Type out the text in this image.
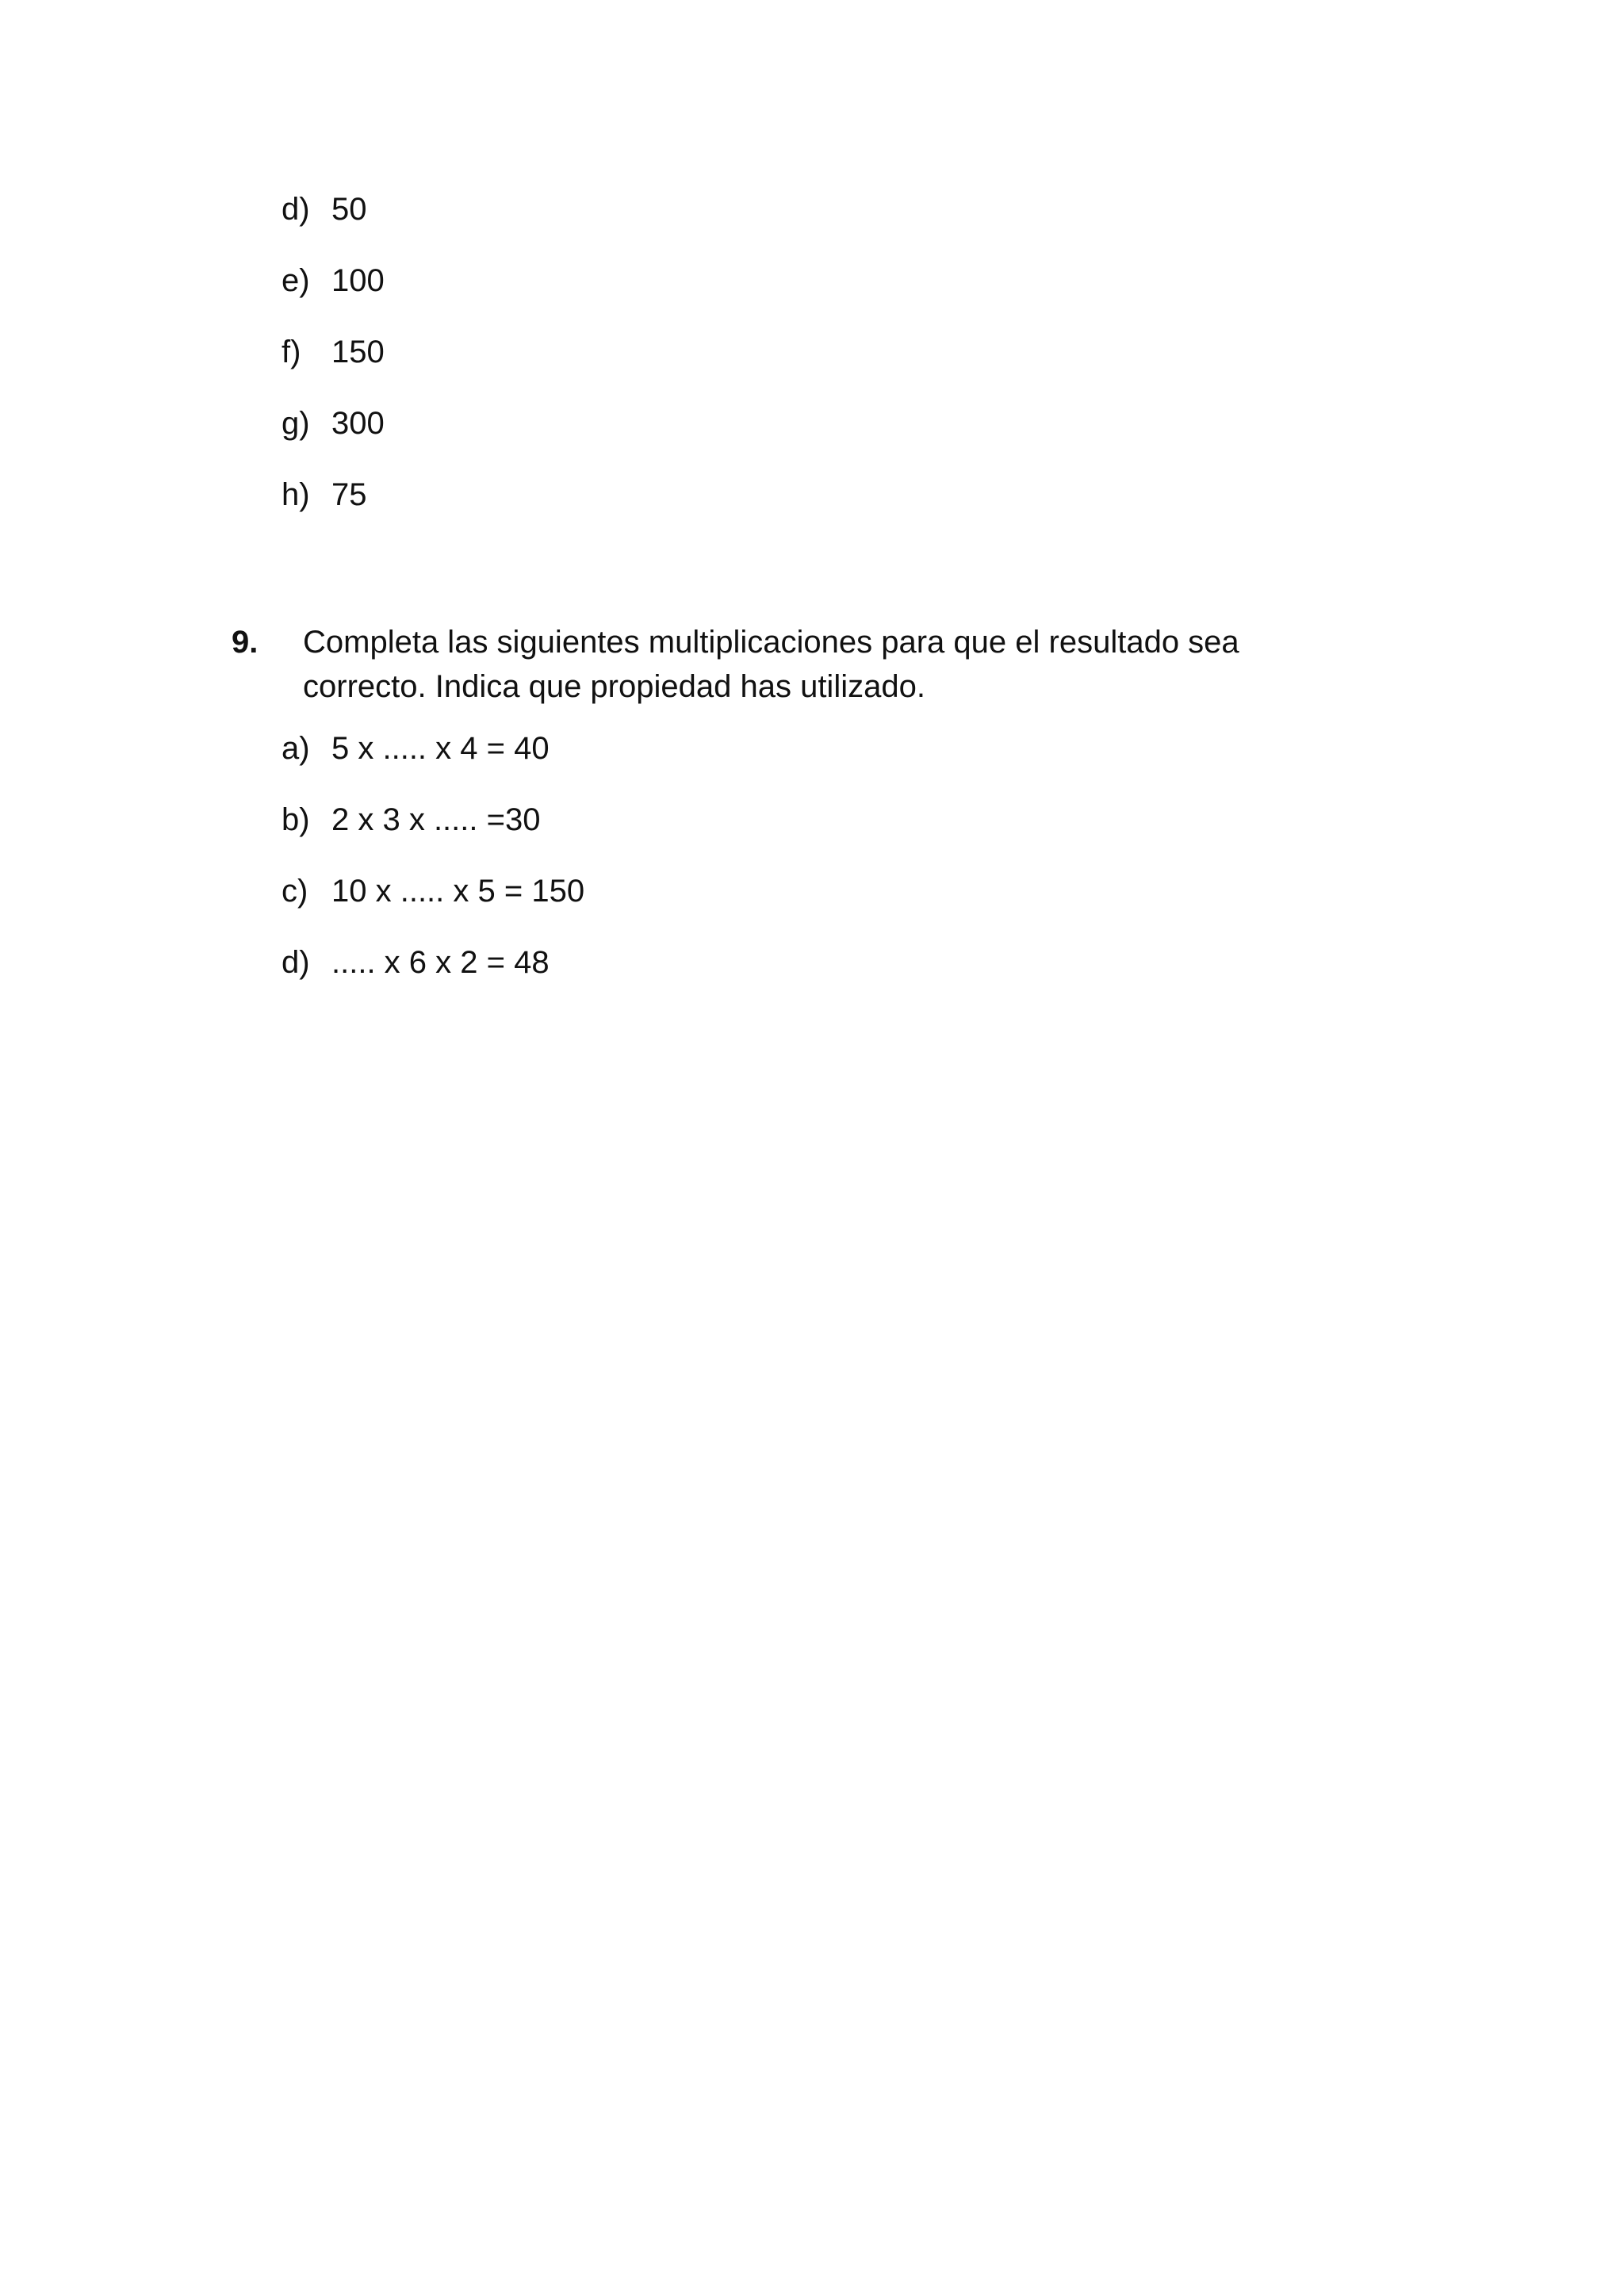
d) 50
e) 100
f) 150
g) 300
h) 75
9.	Completa las siguientes multiplicaciones para que el resultado sea
correcto. Indica que propiedad has utilizado.
a) 5 x ..... x 4 = 40
b) 2 x 3 x ..... =30
c) 10 x ..... x 5 = 150
d) ..... x 6 x 2 = 48
